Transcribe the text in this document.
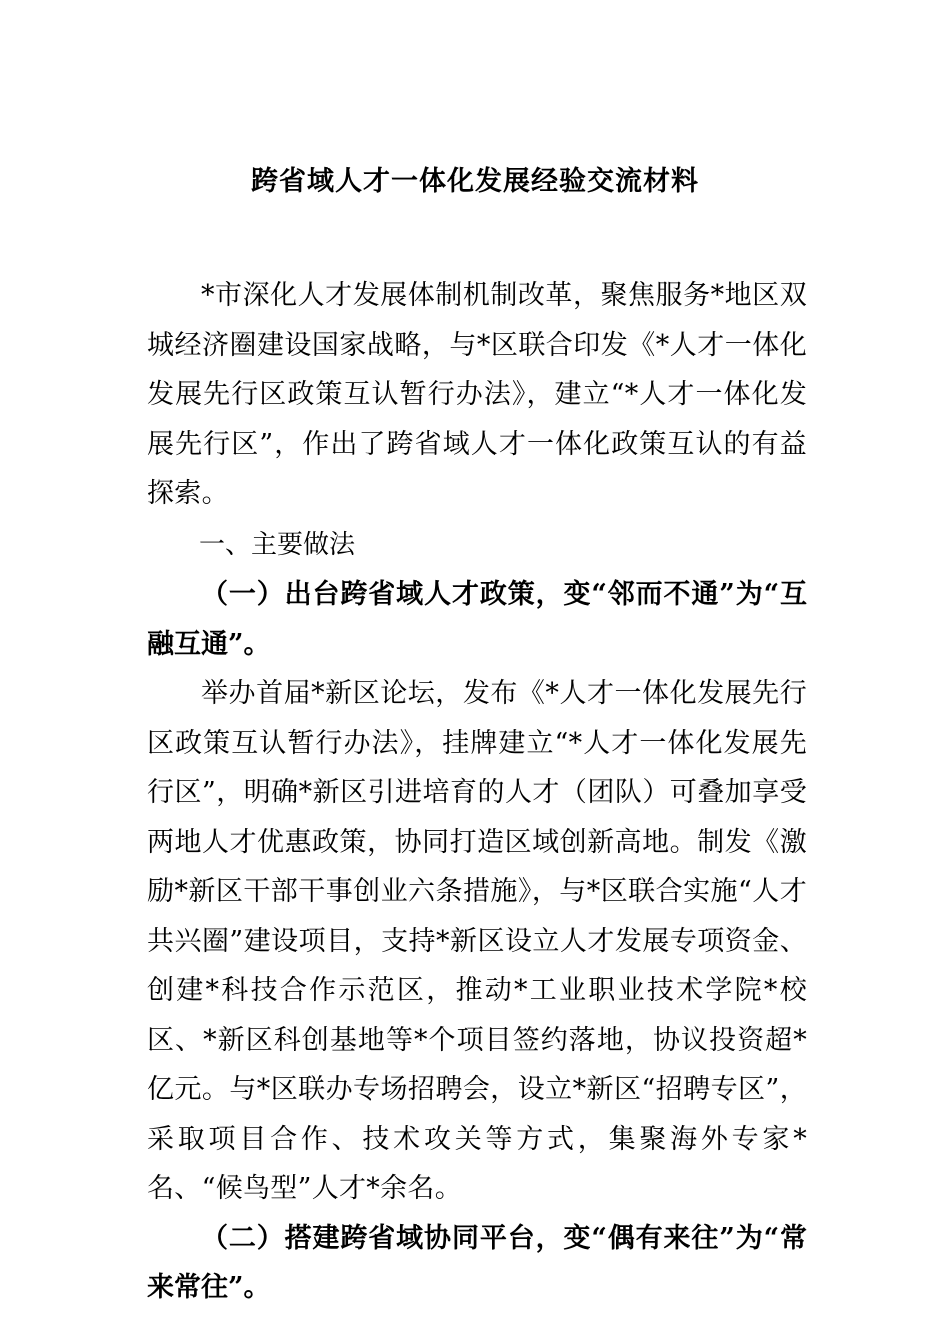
跨省域人才一体化发展经验交流材料

*市深化人才发展体制机制改革，聚焦服务*地区双城经济圈建设国家战略，与*区联合印发《*人才一体化发展先行区政策互认暂行办法》，建立“*人才一体化发展先行区”，作出了跨省域人才一体化政策互认的有益探索。

一、主要做法

（一）出台跨省域人才政策，变“邻而不通”为“互融互通”。

举办首届*新区论坛，发布《*人才一体化发展先行区政策互认暂行办法》，挂牌建立“*人才一体化发展先行区”，明确*新区引进培育的人才（团队）可叠加享受两地人才优惠政策，协同打造区域创新高地。制发《激励*新区干部干事创业六条措施》，与*区联合实施“人才共兴圈”建设项目，支持*新区设立人才发展专项资金、创建*科技合作示范区，推动*工业职业技术学院*校区、*新区科创基地等*个项目签约落地，协议投资超*亿元。与*区联办专场招聘会，设立*新区“招聘专区”，采取项目合作、技术攻关等方式，集聚海外专家*名、“候鸟型”人才*余名。

（二）搭建跨省域协同平台，变“偶有来往”为“常来常往”。
